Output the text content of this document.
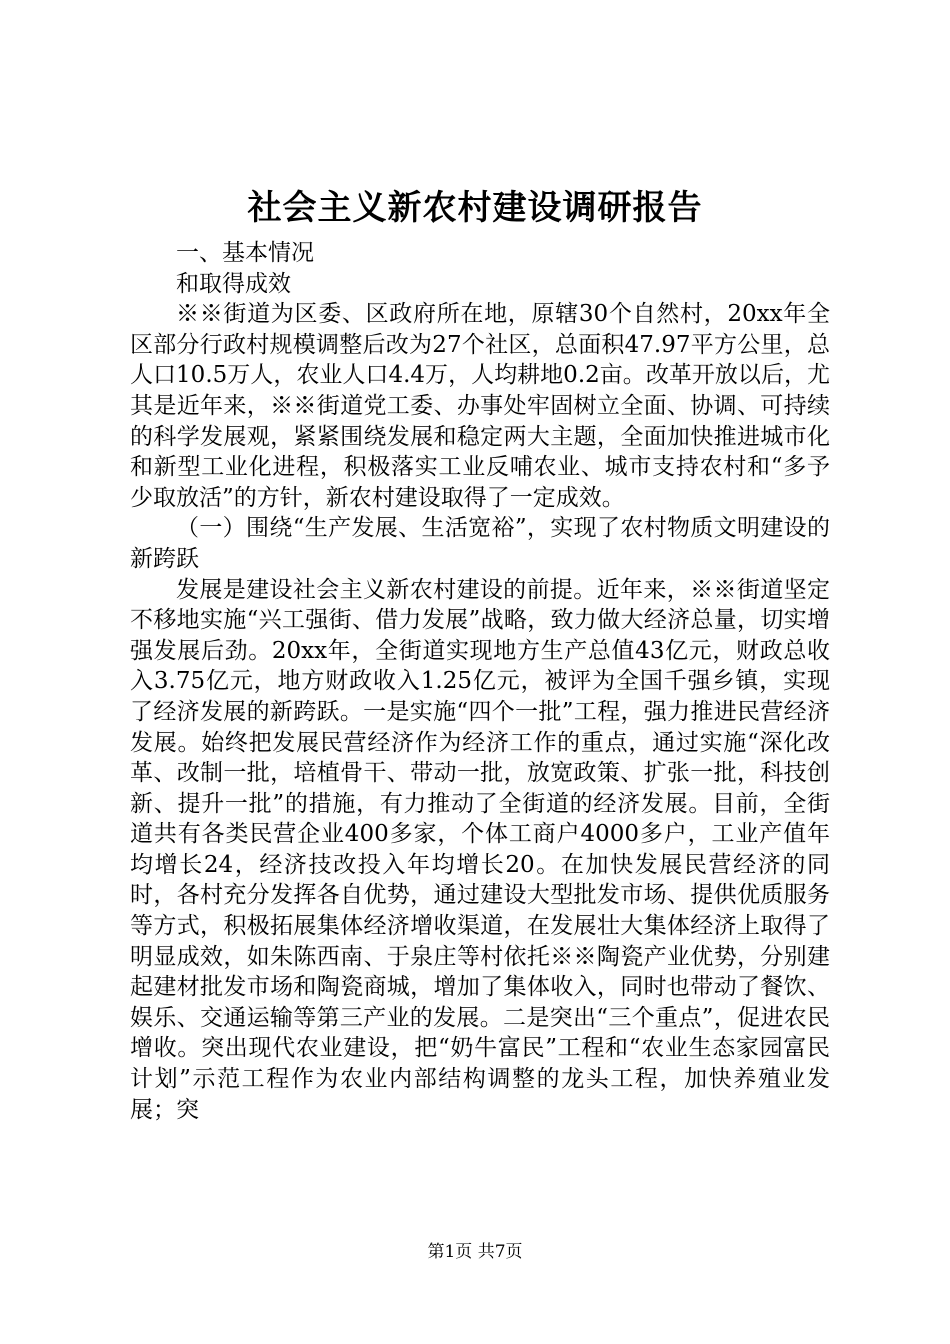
社会主义新农村建设调研报告

一、基本情况

和取得成效

※※街道为区委、区政府所在地，原辖30个自然村，20xx年全区部分行政村规模调整后改为27个社区，总面积47.97平方公里，总人口10.5万人，农业人口4.4万，人均耕地0.2亩。改革开放以后，尤其是近年来，※※街道党工委、办事处牢固树立全面、协调、可持续的科学发展观，紧紧围绕发展和稳定两大主题，全面加快推进城市化和新型工业化进程，积极落实工业反哺农业、城市支持农村和“多予少取放活”的方针，新农村建设取得了一定成效。

（一）围绕“生产发展、生活宽裕”，实现了农村物质文明建设的新跨跃

发展是建设社会主义新农村建设的前提。近年来，※※街道坚定不移地实施“兴工强街、借力发展”战略，致力做大经济总量，切实增强发展后劲。20xx年，全街道实现地方生产总值43亿元，财政总收入3.75亿元，地方财政收入1.25亿元，被评为全国千强乡镇，实现了经济发展的新跨跃。一是实施“四个一批”工程，强力推进民营经济发展。始终把发展民营经济作为经济工作的重点，通过实施“深化改革、改制一批，培植骨干、带动一批，放宽政策、扩张一批，科技创新、提升一批”的措施，有力推动了全街道的经济发展。目前，全街道共有各类民营企业400多家，个体工商户4000多户，工业产值年均增长24，经济技改投入年均增长20。在加快发展民营经济的同时，各村充分发挥各自优势，通过建设大型批发市场、提供优质服务等方式，积极拓展集体经济增收渠道，在发展壮大集体经济上取得了明显成效，如朱陈西南、于泉庄等村依托※※陶瓷产业优势，分别建起建材批发市场和陶瓷商城，增加了集体收入，同时也带动了餐饮、娱乐、交通运输等第三产业的发展。二是突出“三个重点”，促进农民增收。突出现代农业建设，把“奶牛富民”工程和“农业生态家园富民计划”示范工程作为农业内部结构调整的龙头工程，加快养殖业发展；突

第1页 共7页
